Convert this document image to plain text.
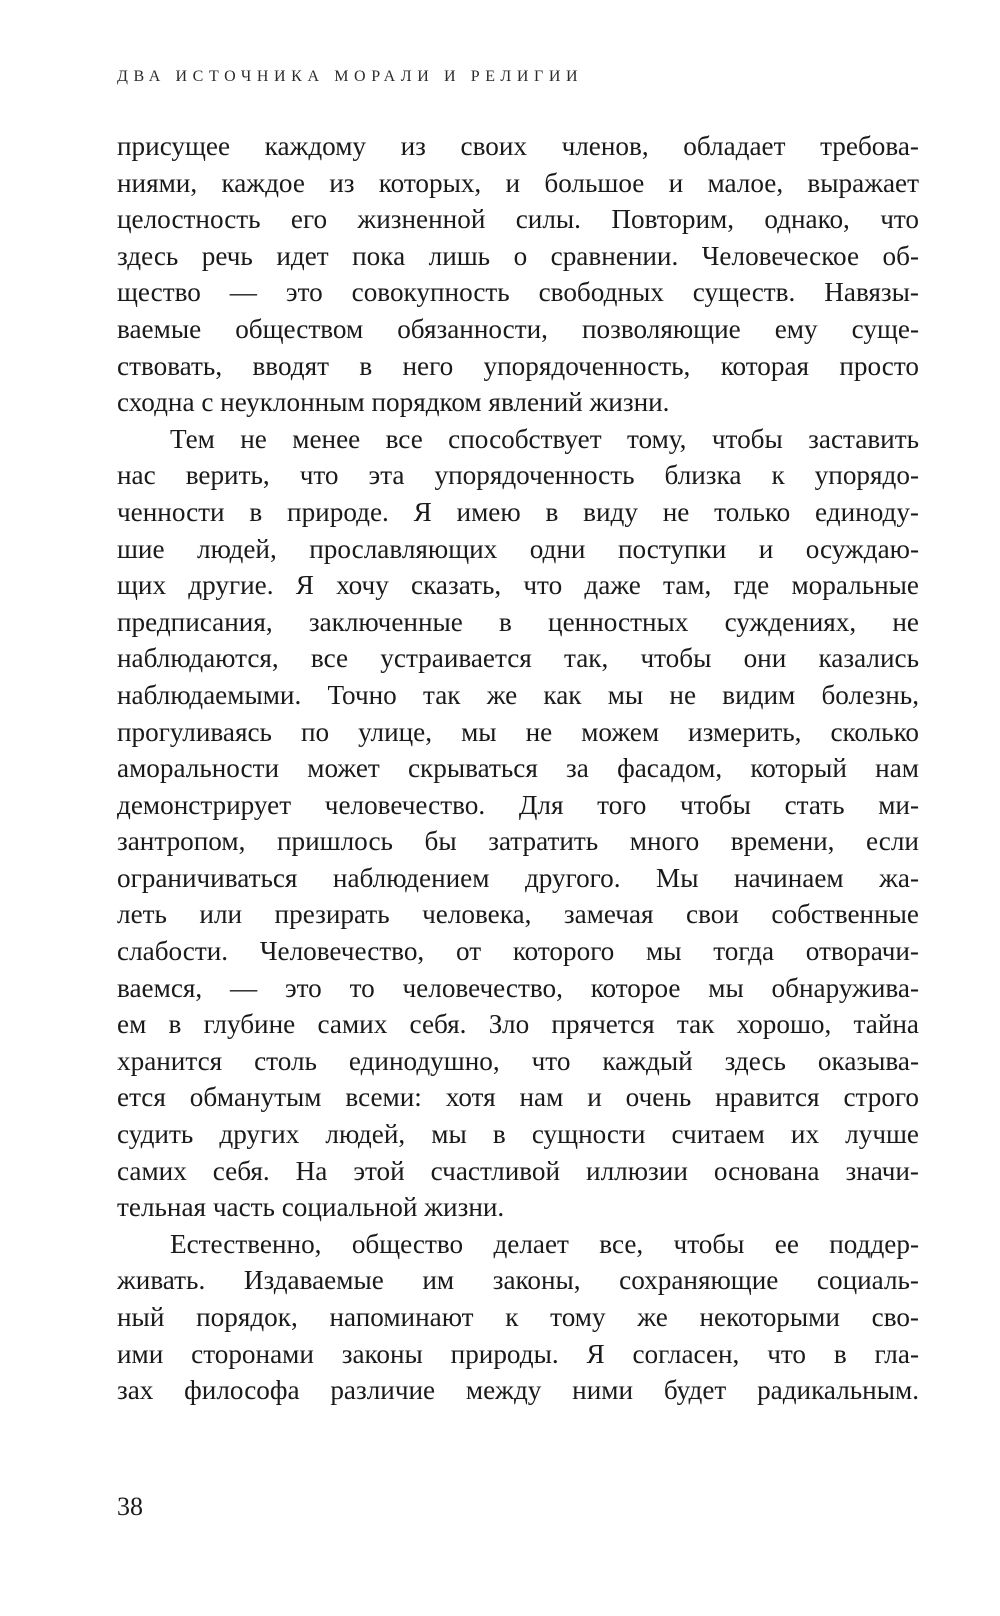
ДВА ИСТОЧНИКА МОРАЛИ И РЕЛИГИИ
присущее каждому из своих членов, обладает требова-
ниями, каждое из которых, и большое и малое, выражает
целостность его жизненной силы. Повторим, однако, что
здесь речь идет пока лишь о сравнении. Человеческое об-
щество — это совокупность свободных существ. Навязы-
ваемые обществом обязанности, позволяющие ему суще-
ствовать, вводят в него упорядоченность, которая просто
сходна с неуклонным порядком явлений жизни.
Тем не менее все способствует тому, чтобы заставить
нас верить, что эта упорядоченность близка к упорядо-
ченности в природе. Я имею в виду не только единоду-
шие людей, прославляющих одни поступки и осуждаю-
щих другие. Я хочу сказать, что даже там, где моральные
предписания, заключенные в ценностных суждениях, не
наблюдаются, все устраивается так, чтобы они казались
наблюдаемыми. Точно так же как мы не видим болезнь,
прогуливаясь по улице, мы не можем измерить, сколько
аморальности может скрываться за фасадом, который нам
демонстрирует человечество. Для того чтобы стать ми-
зантропом, пришлось бы затратить много времени, если
ограничиваться наблюдением другого. Мы начинаем жа-
леть или презирать человека, замечая свои собственные
слабости. Человечество, от которого мы тогда отворачи-
ваемся, — это то человечество, которое мы обнаружива-
ем в глубине самих себя. Зло прячется так хорошо, тайна
хранится столь единодушно, что каждый здесь оказыва-
ется обманутым всеми: хотя нам и очень нравится строго
судить других людей, мы в сущности считаем их лучше
самих себя. На этой счастливой иллюзии основана значи-
тельная часть социальной жизни.
Естественно, общество делает все, чтобы ее поддер-
живать. Издаваемые им законы, сохраняющие социаль-
ный порядок, напоминают к тому же некоторыми сво-
ими сторонами законы природы. Я согласен, что в гла-
зах философа различие между ними будет радикальным.
38
